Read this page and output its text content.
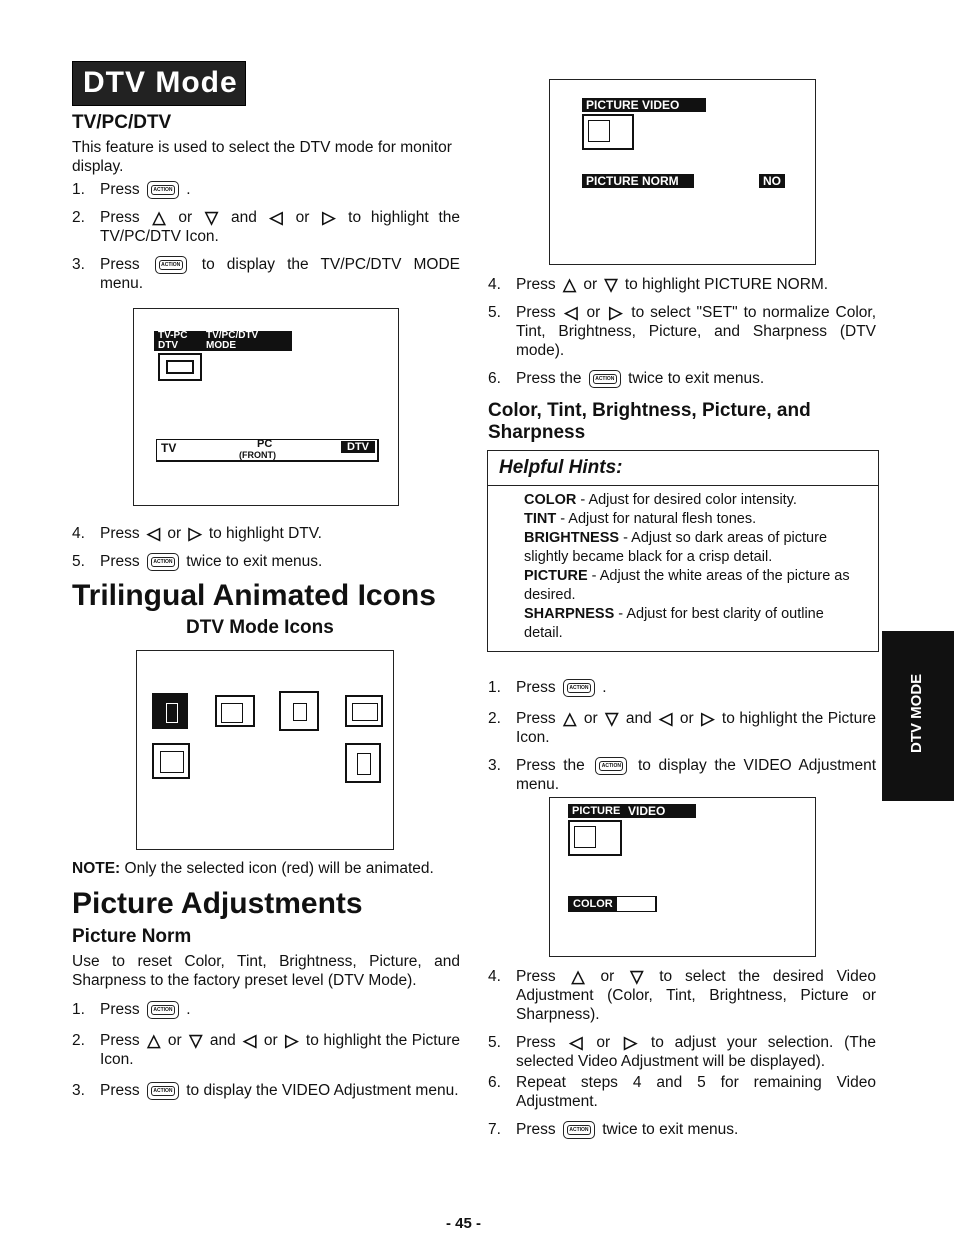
DTV Mode
TV/PC/DTV
This feature is used to select the DTV mode for monitor display.
1. Press ACTION	.
2. Press △ or ▽ and ◁ or ▷ to highlight the TV/PC/DTV Icon.
3. Press ACTION	to display the TV/PC/DTV MODE menu.
TV-PC DTV
TV/PC/DTV MODE
TV	PC
(FRONT)
DTV
4. Press ◁ or ▷ to highlight DTV.
5. Press ACTION	twice to exit menus.
Trilingual Animated Icons
DTV Mode Icons
NOTE: Only the selected icon (red) will be animated.
Picture Adjustments
Picture Norm
Use to reset Color, Tint, Brightness, Picture, and Sharpness to the factory preset level (DTV Mode).
1. Press ACTION	.
2. Press △ or ▽ and ◁ or ▷ to highlight the Picture Icon.
3. Press ACTION	to display the VIDEO Adjustment menu.
PICTURE VIDEO
PICTURE NORM	NO
4. Press △ or ▽ to highlight PICTURE NORM.
5. Press ◁ or ▷ to select "SET" to normalize Color, Tint, Brightness, Picture, and Sharpness (DTV mode).
6. Press the ACTION	twice to exit menus.
Color, Tint, Brightness, Picture, and Sharpness
Helpful Hints:

COLOR - Adjust for desired color intensity.

TINT - Adjust for natural flesh tones.

BRIGHTNESS - Adjust so dark areas of picture slightly became black for a crisp detail.

PICTURE - Adjust the white areas of the picture as desired.

SHARPNESS - Adjust for best clarity of outline detail.

1. Press ACTION	.
2. Press △ or ▽ and ◁ or ▷ to highlight the Picture Icon.
3. Press the ACTION	to display the VIDEO Adjustment menu.
PICTURE VIDEO
COLOR
4. Press △ or ▽ to select the desired Video Adjustment (Color, Tint, Brightness, Picture or Sharpness).
5. Press ◁ or ▷ to adjust your selection. (The selected Video Adjustment will be displayed).
6. Repeat steps 4 and 5 for remaining Video Adjustment.
7. Press ACTION	twice to exit menus.
DTV MODE
- 45 -
